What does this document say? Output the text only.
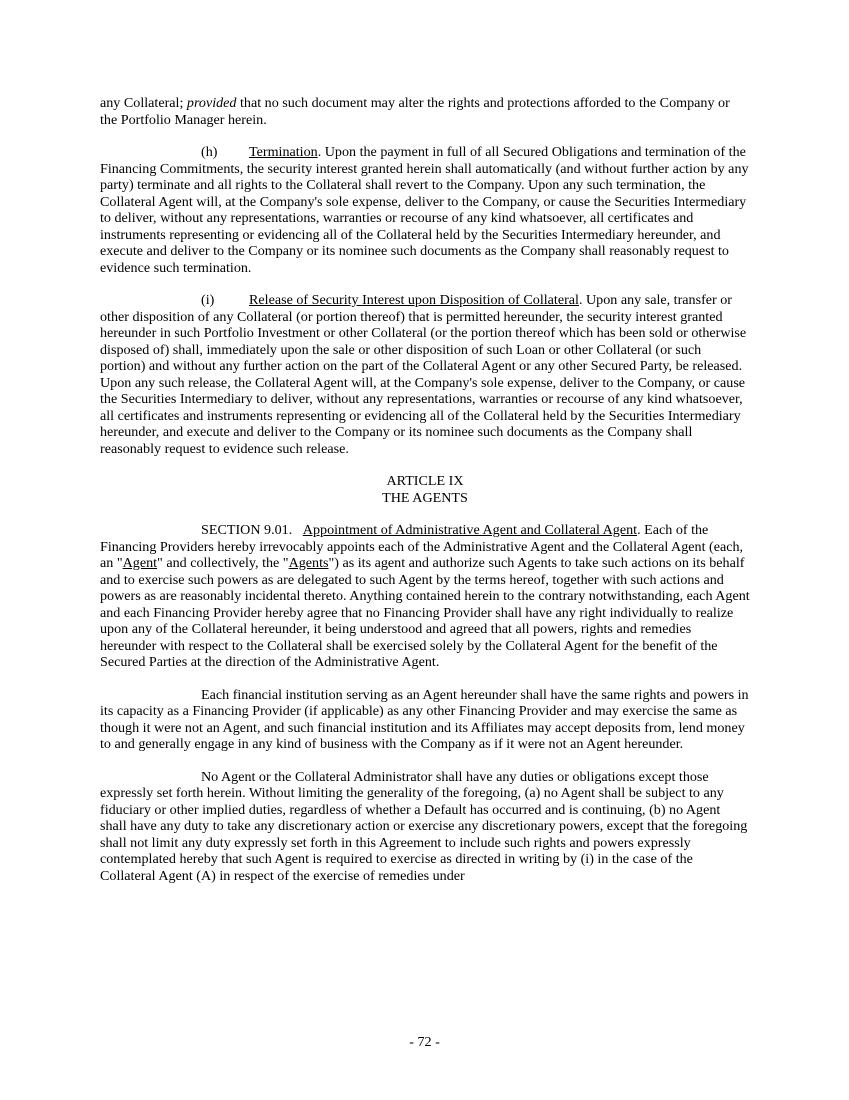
any Collateral; provided that no such document may alter the rights and protections afforded to the Company or the Portfolio Manager herein.

(h) Termination. Upon the payment in full of all Secured Obligations and termination of the Financing Commitments, the security interest granted herein shall automatically (and without further action by any party) terminate and all rights to the Collateral shall revert to the Company. Upon any such termination, the Collateral Agent will, at the Company's sole expense, deliver to the Company, or cause the Securities Intermediary to deliver, without any representations, warranties or recourse of any kind whatsoever, all certificates and instruments representing or evidencing all of the Collateral held by the Securities Intermediary hereunder, and execute and deliver to the Company or its nominee such documents as the Company shall reasonably request to evidence such termination.

(i) Release of Security Interest upon Disposition of Collateral. Upon any sale, transfer or other disposition of any Collateral (or portion thereof) that is permitted hereunder, the security interest granted hereunder in such Portfolio Investment or other Collateral (or the portion thereof which has been sold or otherwise disposed of) shall, immediately upon the sale or other disposition of such Loan or other Collateral (or such portion) and without any further action on the part of the Collateral Agent or any other Secured Party, be released. Upon any such release, the Collateral Agent will, at the Company's sole expense, deliver to the Company, or cause the Securities Intermediary to deliver, without any representations, warranties or recourse of any kind whatsoever, all certificates and instruments representing or evidencing all of the Collateral held by the Securities Intermediary hereunder, and execute and deliver to the Company or its nominee such documents as the Company shall reasonably request to evidence such release.

ARTICLE IX

THE AGENTS

SECTION 9.01. Appointment of Administrative Agent and Collateral Agent. Each of the Financing Providers hereby irrevocably appoints each of the Administrative Agent and the Collateral Agent (each, an "Agent" and collectively, the "Agents") as its agent and authorize such Agents to take such actions on its behalf and to exercise such powers as are delegated to such Agent by the terms hereof, together with such actions and powers as are reasonably incidental thereto. Anything contained herein to the contrary notwithstanding, each Agent and each Financing Provider hereby agree that no Financing Provider shall have any right individually to realize upon any of the Collateral hereunder, it being understood and agreed that all powers, rights and remedies hereunder with respect to the Collateral shall be exercised solely by the Collateral Agent for the benefit of the Secured Parties at the direction of the Administrative Agent.

Each financial institution serving as an Agent hereunder shall have the same rights and powers in its capacity as a Financing Provider (if applicable) as any other Financing Provider and may exercise the same as though it were not an Agent, and such financial institution and its Affiliates may accept deposits from, lend money to and generally engage in any kind of business with the Company as if it were not an Agent hereunder.

No Agent or the Collateral Administrator shall have any duties or obligations except those expressly set forth herein. Without limiting the generality of the foregoing, (a) no Agent shall be subject to any fiduciary or other implied duties, regardless of whether a Default has occurred and is continuing, (b) no Agent shall have any duty to take any discretionary action or exercise any discretionary powers, except that the foregoing shall not limit any duty expressly set forth in this Agreement to include such rights and powers expressly contemplated hereby that such Agent is required to exercise as directed in writing by (i) in the case of the Collateral Agent (A) in respect of the exercise of remedies under

- 72 -
